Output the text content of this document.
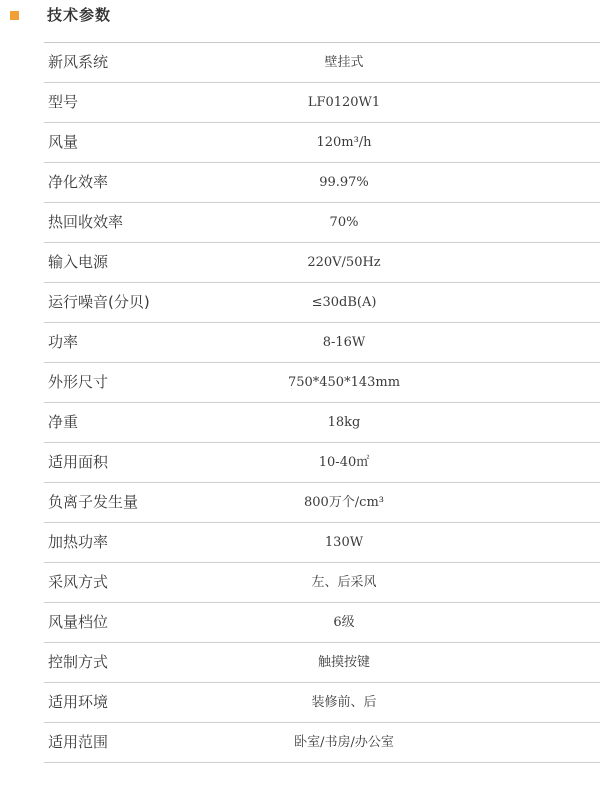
技术参数
新风系统	壁挂式
型号	LF0120W1
风量	120m³/h
净化效率	99.97%
热回收效率	70%
输入电源	220V/50Hz
运行噪音(分贝)	≤30dB(A)
功率	8-16W
外形尺寸	750*450*143mm
净重	18kg
适用面积	10-40㎡
负离子发生量	800万个/cm³
加热功率	130W
采风方式	左、后采风
风量档位	6级
控制方式	触摸按键
适用环境	装修前、后
适用范围	卧室/书房/办公室
